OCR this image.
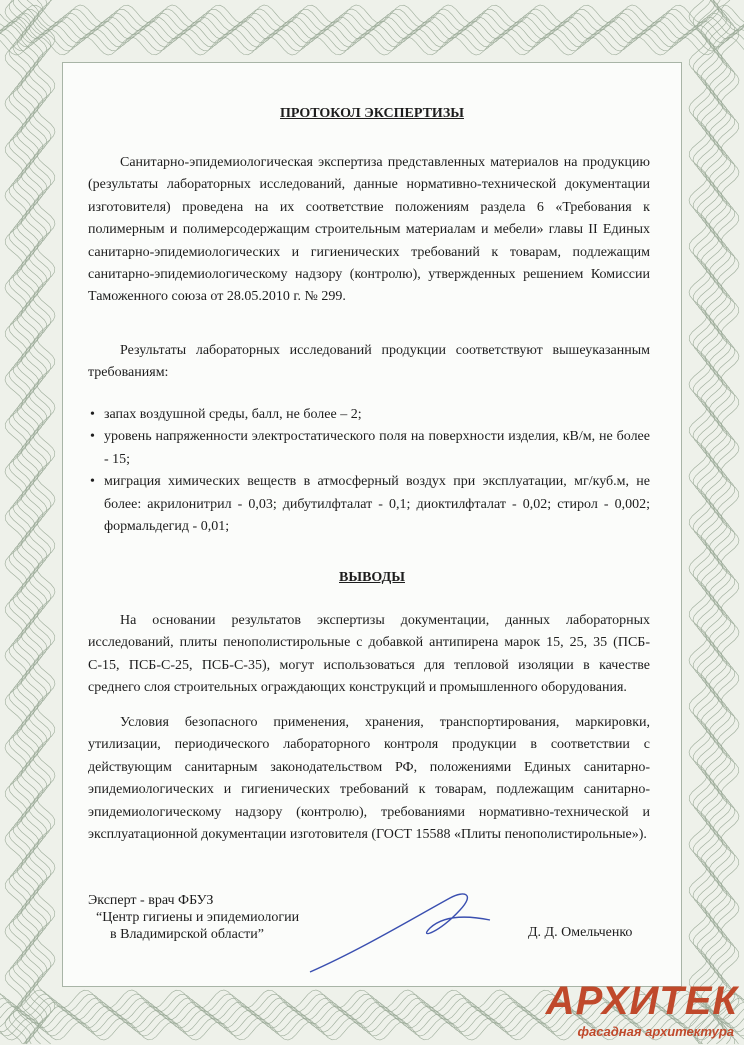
ПРОТОКОЛ ЭКСПЕРТИЗЫ
Санитарно-эпидемиологическая экспертиза представленных материалов на продукцию (результаты лабораторных исследований, данные нормативно-технической документации изготовителя) проведена на их соответствие положениям раздела 6 «Требования к полимерным и полимерсодержащим строительным материалам и мебели» главы II Единых санитарно-эпидемиологических и гигиенических требований к товарам, подлежащим санитарно-эпидемиологическому надзору (контролю), утвержденных решением Комиссии Таможенного союза от 28.05.2010 г. № 299.
Результаты лабораторных исследований продукции соответствуют вышеуказанным требованиям:
• запах воздушной среды, балл, не более – 2;
• уровень напряженности электростатического поля на поверхности изделия, кВ/м, не более - 15;
• миграция химических веществ в атмосферный воздух при эксплуатации, мг/куб.м, не более: акрилонитрил - 0,03; дибутилфталат - 0,1; диоктилфталат - 0,02; стирол - 0,002; формальдегид - 0,01;
ВЫВОДЫ
На основании результатов экспертизы документации, данных лабораторных исследований, плиты пенополистирольные с добавкой антипирена марок 15, 25, 35 (ПСБ-С-15, ПСБ-С-25, ПСБ-С-35), могут использоваться для тепловой изоляции в качестве среднего слоя строительных ограждающих конструкций и промышленного оборудования.
Условия безопасного применения, хранения, транспортирования, маркировки, утилизации, периодического лабораторного контроля продукции в соответствии с действующим санитарным законодательством РФ, положениями Единых санитарно-эпидемиологических и гигиенических требований к товарам, подлежащим санитарно-эпидемиологическому надзору (контролю), требованиями нормативно-технической и эксплуатационной документации изготовителя (ГОСТ 15588 «Плиты пенополистирольные»).
Эксперт - врач ФБУЗ
“Центр гигиены и эпидемиологии
в Владимирской области”	Д. Д. Омельченко
АРХИТЕК
фасадная архитектура
